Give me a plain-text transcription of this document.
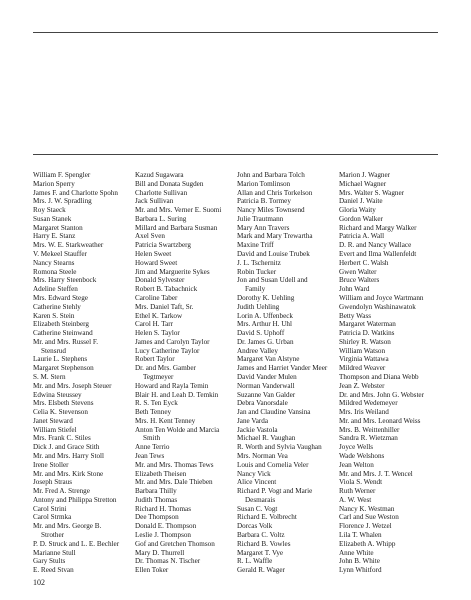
William F. Spengler
Marion Sperry
James F. and Charlotte Spohn
Mrs. J. W. Spradling
Roy Staeck
Susan Stanek
Margaret Stanton
Harry E. Stanz
Mrs. W. E. Starkweather
V. Mekeel Stauffer
Nancy Stearns
Romona Steele
Mrs. Harry Steenbock
Adeline Steffen
Mrs. Edward Stege
Catherine Stehly
Karen S. Stein
Elizabeth Steinberg
Catherine Steinwand
Mr. and Mrs. Russel F.
Stensrud
Laurie L. Stephens
Margaret Stephenson
S. M. Stern
Mr. and Mrs. Joseph Steuer
Edwina Steussey
Mrs. Elsbeth Stevens
Celia K. Stevenson
Janet Steward
William Stiefel
Mrs. Frank C. Stiles
Dick J. and Grace Stith
Mr. and Mrs. Harry Stoll
Irene Stoller
Mr. and Mrs. Kirk Stone
Joseph Straus
Mr. Fred A. Strenge
Antony and Philippa Stretton
Carol Strini
Carol Strmka
Mr. and Mrs. George B.
Strother
P. D. Struck and L. E. Bechler
Marianne Stull
Gary Stults
E. Reed Stvan
Kazud Sugawara
Bill and Donata Sugden
Charlotte Sullivan
Jack Sullivan
Mr. and Mrs. Verner E. Suomi
Barbara L. Suring
Millard and Barbara Susman
Axel Sven
Patricia Swartzberg
Helen Sweet
Howard Sweet
Jim and Marguerite Sykes
Donald Sylvester
Robert B. Tabachnick
Caroline Taber
Mrs. Daniel Taft, Sr.
Ethel K. Tarkow
Carol H. Tarr
Helen S. Taylor
James and Carolyn Taylor
Lucy Catherine Taylor
Robert Taylor
Dr. and Mrs. Gamber
Tegtmeyer
Howard and Rayla Temin
Blair H. and Leah D. Temkin
R. S. Ten Eyck
Beth Tenney
Mrs. H. Kent Tenney
Anton Ten Wolde and Marcia
Smith
Anne Terrio
Jean Tews
Mr. and Mrs. Thomas Tews
Elizabeth Theisen
Mr. and Mrs. Dale Thieben
Barbara Thilly
Judith Thomas
Richard H. Thomas
Dee Thompson
Donald E. Thompson
Leslie J. Thompson
Gof and Gretchen Thomson
Mary D. Thurrell
Dr. Thomas N. Tischer
Ellen Toker
John and Barbara Tolch
Marion Tomlinson
Allan and Chris Torkelson
Patricia B. Tormey
Nancy Miles Townsend
Julie Trautmann
Mary Ann Travers
Mark and Mary Trewartha
Maxine Triff
David and Louise Trubek
J. L. Tschernitz
Robin Tucker
Jon and Susan Udell and
Family
Dorothy K. Uehling
Judith Uehling
Lorin A. Uffenbeck
Mrs. Arthur H. Uhl
David S. Uphoff
Dr. James G. Urban
Andree Valley
Margaret Van Alstyne
James and Harriet Vander Meer
David Vander Mulen
Norman Vanderwall
Suzanne Van Galder
Debra Vanorsdale
Jan and Claudine Vansina
Jane Varda
Jackie Vastola
Michael R. Vaughan
R. Worth and Sylvia Vaughan
Mrs. Norman Vea
Louis and Cornelia Veler
Nancy Vick
Alice Vincent
Richard P. Vogt and Marie
Desmarais
Susan C. Vogt
Richard E. Volbrecht
Dorcas Volk
Barbara C. Voltz
Richard B. Vowles
Margaret T. Vye
R. L. Waffle
Gerald R. Wager
Marion J. Wagner
Michael Wagner
Mrs. Walter S. Wagner
Daniel J. Waite
Gloria Waity
Gordon Walker
Richard and Margy Walker
Patricia A. Wall
D. R. and Nancy Wallace
Evert and Ilma Wallenfeldt
Herbert C. Walsh
Gwen Walter
Bruce Walters
John Ward
William and Joyce Wartmann
Gwendolyn Washinawatok
Betty Wass
Margaret Waterman
Patricia D. Watkins
Shirley R. Watson
William Watson
Virginia Wattawa
Mildred Weaver
Thompson and Diana Webb
Jean Z. Webster
Dr. and Mrs. John G. Webster
Mildred Wedemeyer
Mrs. Iris Weiland
Mr. and Mrs. Leonard Weiss
Mrs. B. Weittenhiller
Sandra R. Wietzman
Joyce Wells
Wade Welshons
Jean Welton
Mr. and Mrs. J. T. Wencel
Viola S. Wendt
Ruth Werner
A. W. West
Nancy K. Westman
Carl and Sue Weston
Florence J. Wetzel
Lila T. Whalen
Elizabeth A. Whipp
Anne White
John B. White
Lynn Whitford
102
